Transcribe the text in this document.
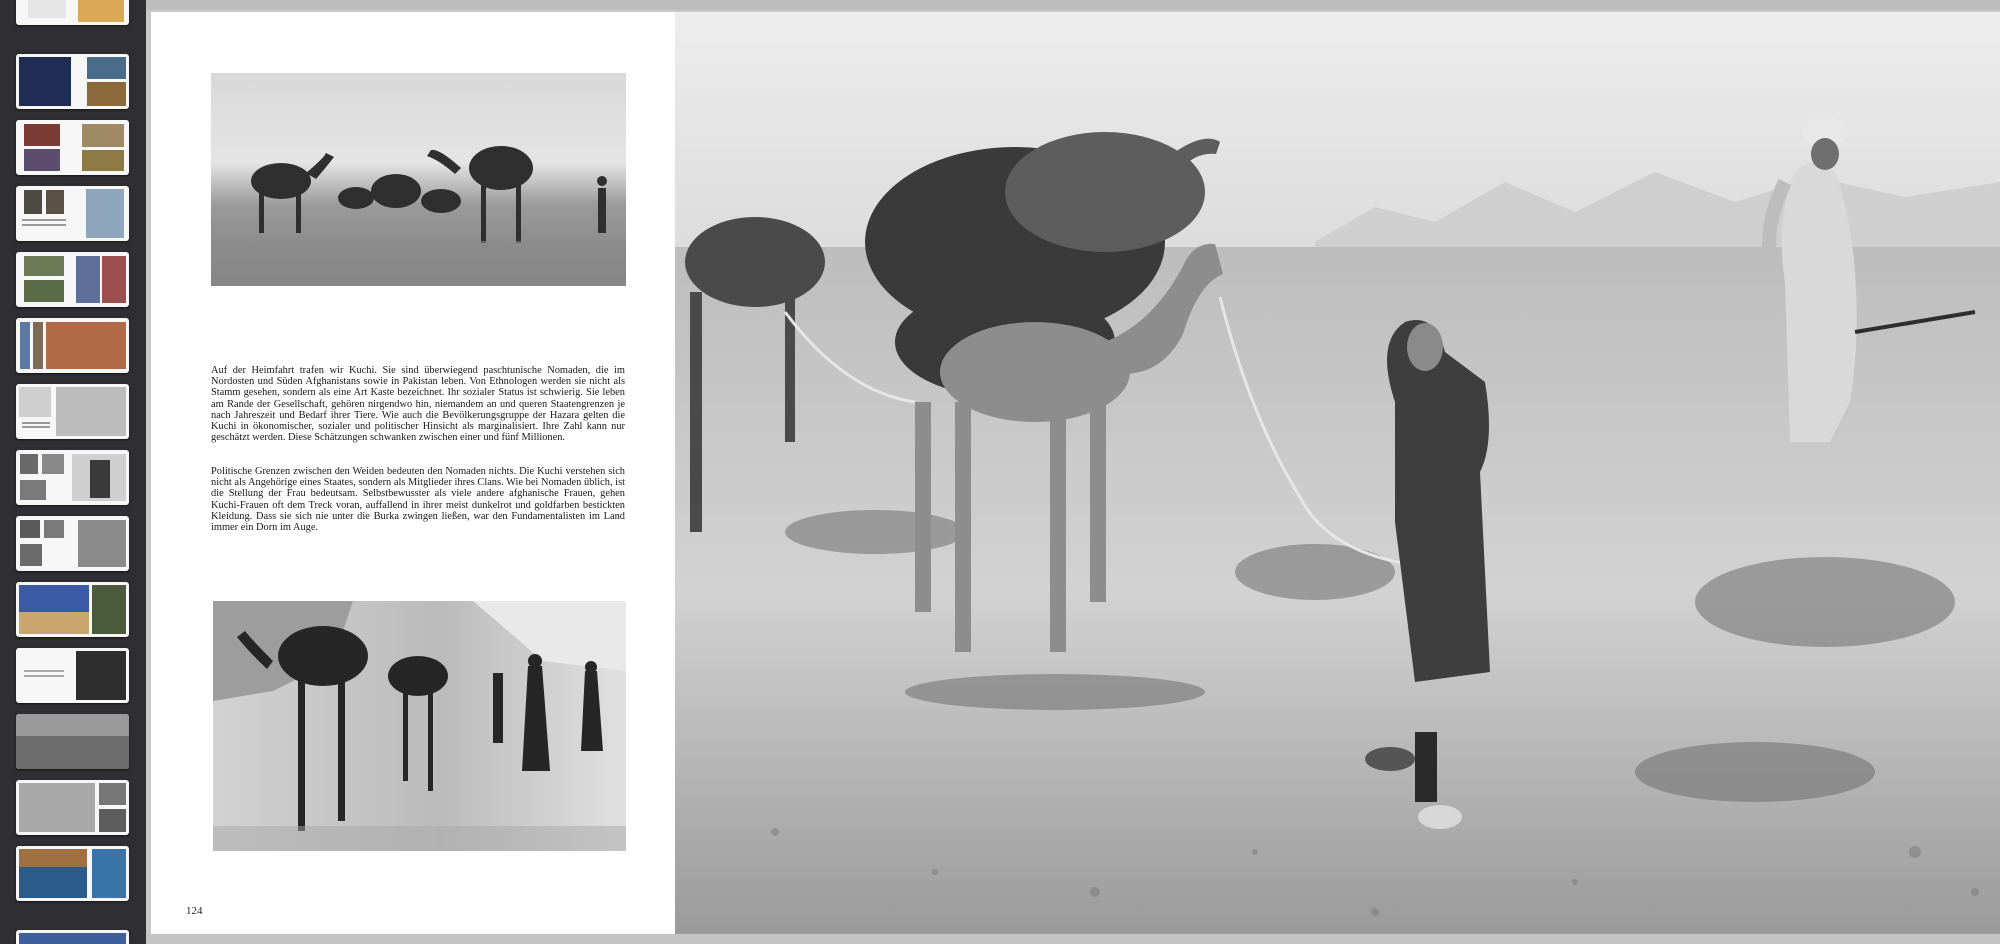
Auf der Heimfahrt trafen wir Kuchi. Sie sind überwiegend paschtunische Nomaden, die im Nordosten und Süden Afghanistans sowie in Pakistan leben. Von Ethnologen werden sie nicht als Stamm gesehen, sondern als eine Art Kaste bezeichnet. Ihr sozialer Status ist schwierig. Sie leben am Rande der Gesellschaft, gehören nirgendwo hin, niemandem an und queren Staatengrenzen je nach Jahreszeit und Bedarf ihrer Tiere. Wie auch die Bevölkerungsgruppe der Hazara gelten die Kuchi in ökonomischer, sozialer und politischer Hinsicht als marginalisiert. Ihre Zahl kann nur geschätzt werden. Diese Schätzungen schwanken zwischen einer und fünf Millionen.

Politische Grenzen zwischen den Weiden bedeuten den Nomaden nichts. Die Kuchi verstehen sich nicht als Angehörige eines Staates, sondern als Mitglieder ihres Clans. Wie bei Nomaden üblich, ist die Stellung der Frau bedeutsam. Selbstbewusster als viele andere afghanische Frauen, gehen Kuchi-Frauen oft dem Treck voran, auffallend in ihrer meist dunkelrot und goldfarben bestickten Kleidung. Dass sie sich nie unter die Burka zwingen ließen, war den Fundamentalisten im Land immer ein Dorn im Auge.

124
